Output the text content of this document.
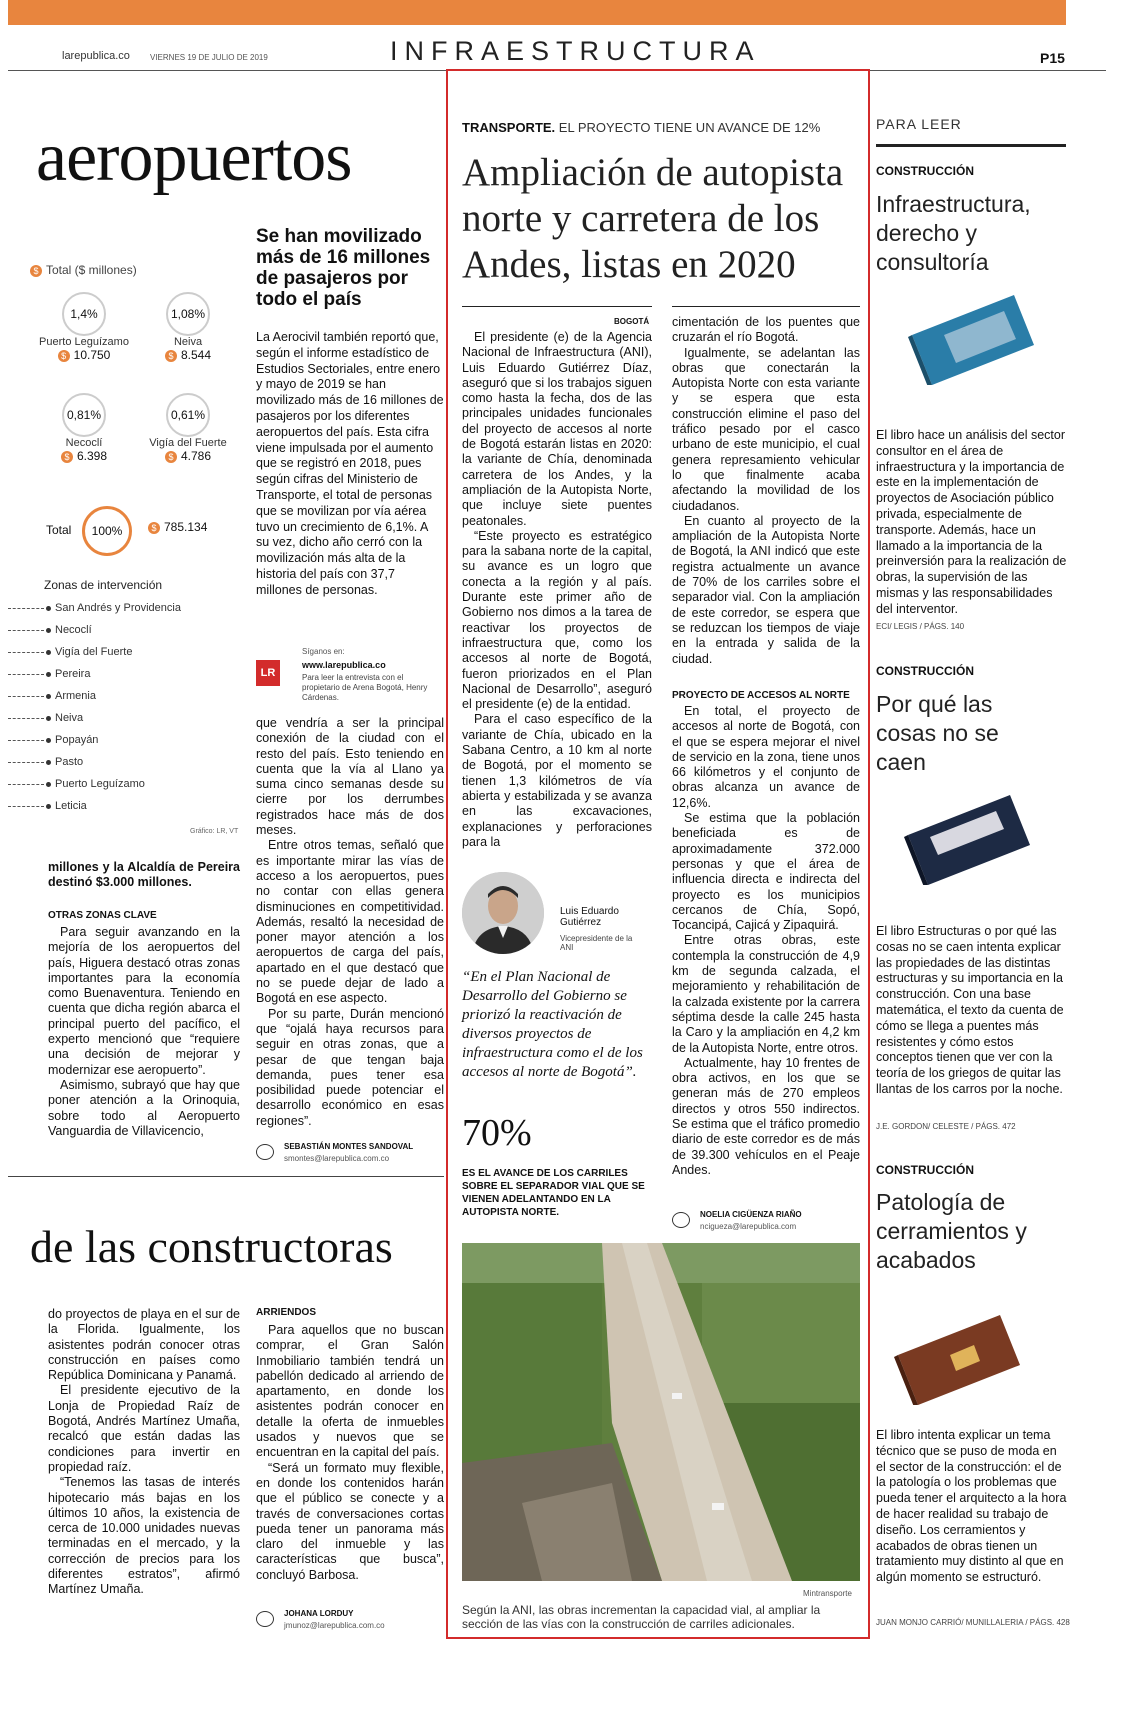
larepublica.co	VIERNES 19 DE JULIO DE 2019	INFRAESTRUCTURA	P15
aeropuertos
Se han movilizado más de 16 millones de pasajeros por todo el país
$ Total ($ millones)
1,4%
Puerto Leguízamo
$ 10.750
1,08%
Neiva
$ 8.544
0,81%
Necoclí
$ 6.398
0,61%
Vigía del Fuerte
$ 4.786
Total	100%	$ 785.134
Zonas de intervención
San Andrés y Providencia
Necoclí
Vigía del Fuerte
Pereira
Armenia
Neiva
Popayán
Pasto
Puerto Leguízamo
Leticia
Gráfico: LR, VT
La Aerocivil también reportó que, según el informe estadístico de Estudios Sectoriales, entre enero y mayo de 2019 se han movilizado más de 16 millones de pasajeros por los diferentes aeropuertos del país. Esta cifra viene impulsada por el aumento que se registró en 2018, pues según cifras del Ministerio de Transporte, el total de personas que se movilizan por vía aérea tuvo un crecimiento de 6,1%. A su vez, dicho año cerró con la movilización más alta de la historia del país con 37,7 millones de personas.
LR
Síganos en:
www.larepublica.co
Para leer la entrevista con el propietario de Arena Bogotá, Henry Cárdenas.

millones y la Alcaldía de Pereira destinó $3.000 millones.

OTRAS ZONAS CLAVE

Para seguir avanzando en la mejoría de los aeropuertos del país, Higuera destacó otras zonas importantes para la economía como Buenaventura. Teniendo en cuenta que dicha región abarca el principal puerto del pacífico, el experto mencionó que “requiere una decisión de mejorar y modernizar ese aeropuerto”.

Asimismo, subrayó que hay que poner atención a la Orinoquia, sobre todo al Aeropuerto Vanguardia de Villavicencio,

que vendría a ser la principal conexión de la ciudad con el resto del país. Esto teniendo en cuenta que la vía al Llano ya suma cinco semanas desde su cierre por los derrumbes registrados hace más de dos meses.

Entre otros temas, señaló que es importante mirar las vías de acceso a los aeropuertos, pues no contar con ellas genera disminuciones en competitividad. Además, resaltó la necesidad de poner mayor atención a los aeropuertos de carga del país, apartado en el que destacó que no se puede dejar de lado a Bogotá en ese aspecto.

Por su parte, Durán mencionó que “ojalá haya recursos para seguir en otras zonas, que a pesar de que tengan baja demanda, pues tener esa posibilidad puede potenciar el desarrollo económico en esas regiones”.

SEBASTIÁN MONTES SANDOVAL
smontes@larepublica.com.co
de las constructoras

do proyectos de playa en el sur de la Florida. Igualmente, los asistentes podrán conocer otras construcción en países como República Dominicana y Panamá.

El presidente ejecutivo de la Lonja de Propiedad Raíz de Bogotá, Andrés Martínez Umaña, recalcó que están dadas las condiciones para invertir en propiedad raíz.

“Tenemos las tasas de interés hipotecario más bajas en los últimos 10 años, la existencia de cerca de 10.000 unidades nuevas terminadas en el mercado, y la corrección de precios para los diferentes estratos”, afirmó Martínez Umaña.

ARRIENDOS

Para aquellos que no buscan comprar, el Gran Salón Inmobiliario también tendrá un pabellón dedicado al arriendo de apartamento, en donde los asistentes podrán conocer en detalle la oferta de inmuebles usados y nuevos que se encuentran en la capital del país.

“Será un formato muy flexible, en donde los contenidos harán que el público se conecte y a través de conversaciones cortas pueda tener un panorama más claro del inmueble y las características que busca”, concluyó Barbosa.

JOHANA LORDUY
jmunoz@larepublica.com.co
TRANSPORTE. EL PROYECTO TIENE UN AVANCE DE 12%
Ampliación de autopista norte y carretera de los Andes, listas en 2020
BOGOTÁ

El presidente (e) de la Agencia Nacional de Infraestructura (ANI), Luis Eduardo Gutiérrez Díaz, aseguró que si los trabajos siguen como hasta la fecha, dos de las principales unidades funcionales del proyecto de accesos al norte de Bogotá estarán listas en 2020: la variante de Chía, denominada carretera de los Andes, y la ampliación de la Autopista Norte, que incluye siete puentes peatonales.

“Este proyecto es estratégico para la sabana norte de la capital, su avance es un logro que conecta a la región y al país. Durante este primer año de Gobierno nos dimos a la tarea de reactivar los proyectos de infraestructura que, como los accesos al norte de Bogotá, fueron priorizados en el Plan Nacional de Desarrollo”, aseguró el presidente (e) de la entidad.

Para el caso específico de la variante de Chía, ubicado en la Sabana Centro, a 10 km al norte de Bogotá, por el momento se tienen 1,3 kilómetros de vía abierta y estabilizada y se avanza en las excavaciones, explanaciones y perforaciones para la

Luis Eduardo Gutiérrez
Vicepresidente de la ANI
“En el Plan Nacional de Desarrollo del Gobierno se priorizó la reactivación de diversos proyectos de infraestructura como el de los accesos al norte de Bogotá”.
70%
ES EL AVANCE DE LOS CARRILES SOBRE EL SEPARADOR VIAL QUE SE VIENEN ADELANTANDO EN LA AUTOPISTA NORTE.

cimentación de los puentes que cruzarán el río Bogotá.

Igualmente, se adelantan las obras que conectarán la Autopista Norte con esta variante y se espera que esta construcción elimine el paso del tráfico pesado por el casco urbano de este municipio, el cual genera represamiento vehicular lo que finalmente acaba afectando la movilidad de los ciudadanos.

En cuanto al proyecto de la ampliación de la Autopista Norte de Bogotá, la ANI indicó que este registra actualmente un avance de 70% de los carriles sobre el separador vial. Con la ampliación de este corredor, se espera que se reduzcan los tiempos de viaje en la entrada y salida de la ciudad.

PROYECTO DE ACCESOS AL NORTE

En total, el proyecto de accesos al norte de Bogotá, con el que se espera mejorar el nivel de servicio en la zona, tiene unos 66 kilómetros y el conjunto de obras alcanza un avance de 12,6%.

Se estima que la población beneficiada es de aproximadamente 372.000 personas y que el área de influencia directa e indirecta del proyecto es los municipios cercanos de Chía, Sopó, Tocancipá, Cajicá y Zipaquirá.

Entre otras obras, este contempla la construcción de 4,9 km de segunda calzada, el mejoramiento y rehabilitación de la calzada existente por la carrera séptima desde la calle 245 hasta la Caro y la ampliación en 4,2 km de la Autopista Norte, entre otros.

Actualmente, hay 10 frentes de obra activos, en los que se generan más de 270 empleos directos y otros 550 indirectos. Se estima que el tráfico promedio diario de este corredor es de más de 39.300 vehículos en el Peaje Andes.

NOELIA CIGÜENZA RIAÑO
ncigueza@larepublica.com
Mintransporte
Según la ANI, las obras incrementan la capacidad vial, al ampliar la sección de las vías con la construcción de carriles adicionales.
PARA LEER
CONSTRUCCIÓN
Infraestructura, derecho y consultoría
El libro hace un análisis del sector consultor en el área de infraestructura y la importancia de este en la implementación de proyectos de Asociación público privada, especialmente de transporte. Además, hace un llamado a la importancia de la preinversión para la realización de obras, la supervisión de las mismas y las responsabilidades del interventor.
ECI/ LEGIS / PÁGS. 140
CONSTRUCCIÓN
Por qué las cosas no se caen
El libro Estructuras o por qué las cosas no se caen intenta explicar las propiedades de las distintas estructuras y su importancia en la construcción. Con una base matemática, el texto da cuenta de cómo se llega a puentes más resistentes y cómo estos conceptos tienen que ver con la teoría de los griegos de quitar las llantas de los carros por la noche.
J.E. GORDON/ CELESTE / PÁGS. 472
CONSTRUCCIÓN
Patología de cerramientos y acabados
El libro intenta explicar un tema técnico que se puso de moda en el sector de la construcción: el de la patología o los problemas que pueda tener el arquitecto a la hora de hacer realidad su trabajo de diseño. Los cerramientos y acabados de obras tienen un tratamiento muy distinto al que en algún momento se estructuró.
JUAN MONJO CARRIÓ/ MUNILLALERIA / PÁGS. 428
